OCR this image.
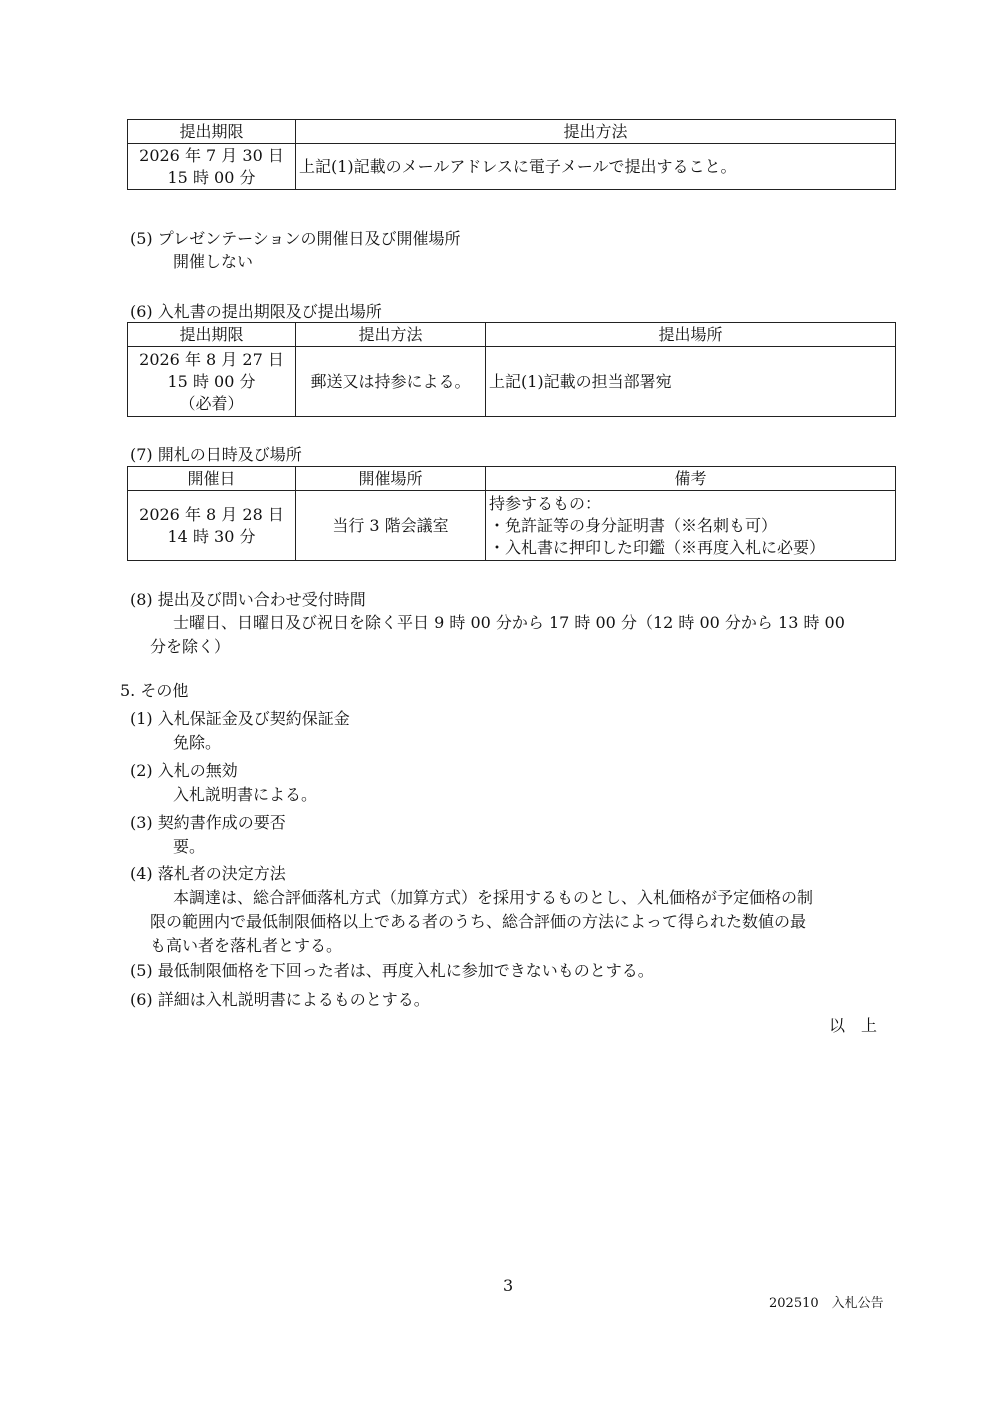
提出期限	提出方法

2026 年 7 月 30 日
15 時 00 分	上記(1)記載のメールアドレスに電子メールで提出すること。
(5) プレゼンテーションの開催日及び開催場所
開催しない
(6) 入札書の提出期限及び提出場所
提出期限	提出方法	提出場所

2026 年 8 月 27 日
15 時 00 分
（必着）	郵送又は持参による。	上記(1)記載の担当部署宛
(7) 開札の日時及び場所
開催日	開催場所	備考

2026 年 8 月 28 日
14 時 30 分	当行 3 階会議室	持参するもの：
・免許証等の身分証明書（※名刺も可）
・入札書に押印した印鑑（※再度入札に必要）
(8) 提出及び問い合わせ受付時間
士曜日、日曜日及び祝日を除く平日 9 時 00 分から 17 時 00 分（12 時 00 分から 13 時 00
分を除く）
5. その他
(1) 入札保証金及び契約保証金
免除。
(2) 入札の無効
入札説明書による。
(3) 契約書作成の要否
要。
(4) 落札者の決定方法
本調達は、総合評価落札方式（加算方式）を採用するものとし、入札価格が予定価格の制
限の範囲内で最低制限価格以上である者のうち、総合評価の方法によって得られた数値の最
も高い者を落札者とする。
(5) 最低制限価格を下回った者は、再度入札に参加できないものとする。
(6) 詳細は入札説明書によるものとする。
以　上
3
202510　入札公告
